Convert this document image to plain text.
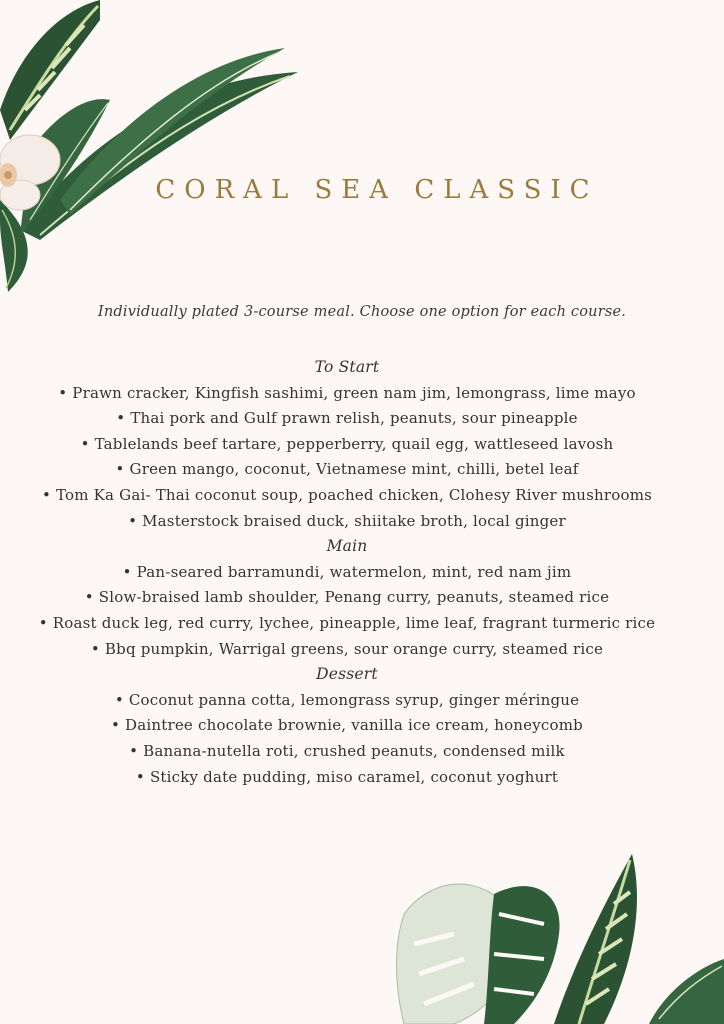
CORAL SEA CLASSIC
Individually plated 3-course meal. Choose one option for each course.
To Start
• Prawn cracker, Kingfish sashimi, green nam jim, lemongrass, lime mayo
• Thai pork and Gulf prawn relish, peanuts, sour pineapple
• Tablelands beef tartare, pepperberry, quail egg, wattleseed lavosh
• Green mango, coconut, Vietnamese mint, chilli, betel leaf
• Tom Ka Gai- Thai coconut soup, poached chicken, Clohesy River mushrooms
• Masterstock braised duck, shiitake broth, local ginger
Main
• Pan-seared barramundi, watermelon, mint, red nam jim
• Slow-braised lamb shoulder, Penang curry, peanuts, steamed rice
• Roast duck leg, red curry, lychee, pineapple, lime leaf, fragrant turmeric rice
• Bbq pumpkin, Warrigal greens, sour orange curry, steamed rice
Dessert
• Coconut panna cotta, lemongrass syrup, ginger méringue
• Daintree chocolate brownie, vanilla ice cream, honeycomb
• Banana-nutella roti, crushed peanuts, condensed milk
• Sticky date pudding, miso caramel, coconut yoghurt
